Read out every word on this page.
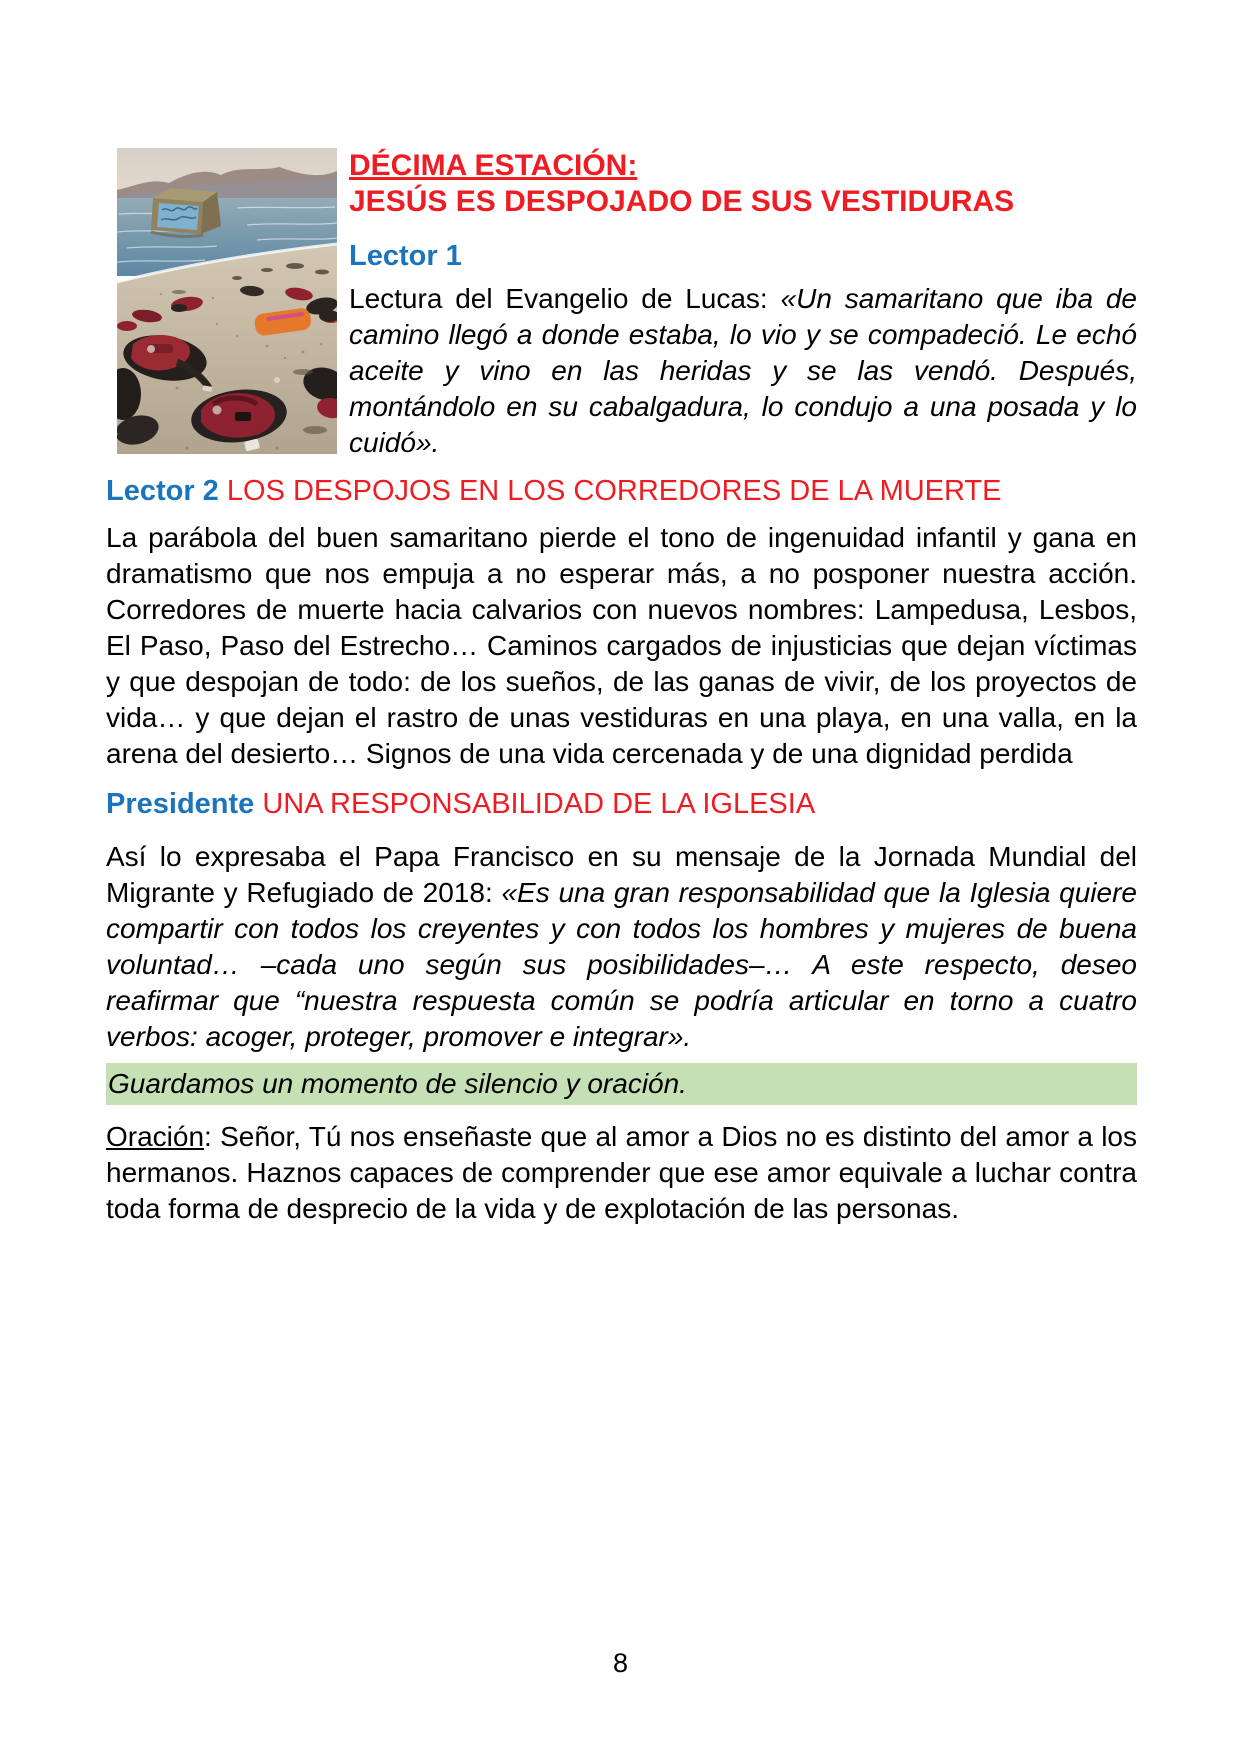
DÉCIMA ESTACIÓN:
JESÚS ES DESPOJADO DE SUS VESTIDURAS
Lector 1

Lectura del Evangelio de Lucas: «Un samaritano que iba de camino llegó a donde estaba, lo vio y se compadeció. Le echó aceite y vino en las heridas y se las vendó. Después, montándolo en su cabalgadura, lo condujo a una posada y lo cuidó».

Lector 2 LOS DESPOJOS EN LOS CORREDORES DE LA MUERTE

La parábola del buen samaritano pierde el tono de ingenuidad infantil y gana en dramatismo que nos empuja a no esperar más, a no posponer nuestra acción. Corredores de muerte hacia calvarios con nuevos nombres: Lampedusa, Lesbos, El Paso, Paso del Estrecho… Caminos cargados de injusticias que dejan víctimas y que despojan de todo: de los sueños, de las ganas de vivir, de los proyectos de vida… y que dejan el rastro de unas vestiduras en una playa, en una valla, en la arena del desierto… Signos de una vida cercenada y de una dignidad perdida

Presidente UNA RESPONSABILIDAD DE LA IGLESIA

Así lo expresaba el Papa Francisco en su mensaje de la Jornada Mundial del Migrante y Refugiado de 2018: «Es una gran responsabilidad que la Iglesia quiere compartir con todos los creyentes y con todos los hombres y mujeres de buena voluntad… –cada uno según sus posibilidades–… A este respecto, deseo reafirmar que “nuestra respuesta común se podría articular en torno a cuatro verbos: acoger, proteger, promover e integrar».

Guardamos un momento de silencio y oración.

Oración: Señor, Tú nos enseñaste que al amor a Dios no es distinto del amor a los hermanos. Haznos capaces de comprender que ese amor equivale a luchar contra toda forma de desprecio de la vida y de explotación de las personas.

8
